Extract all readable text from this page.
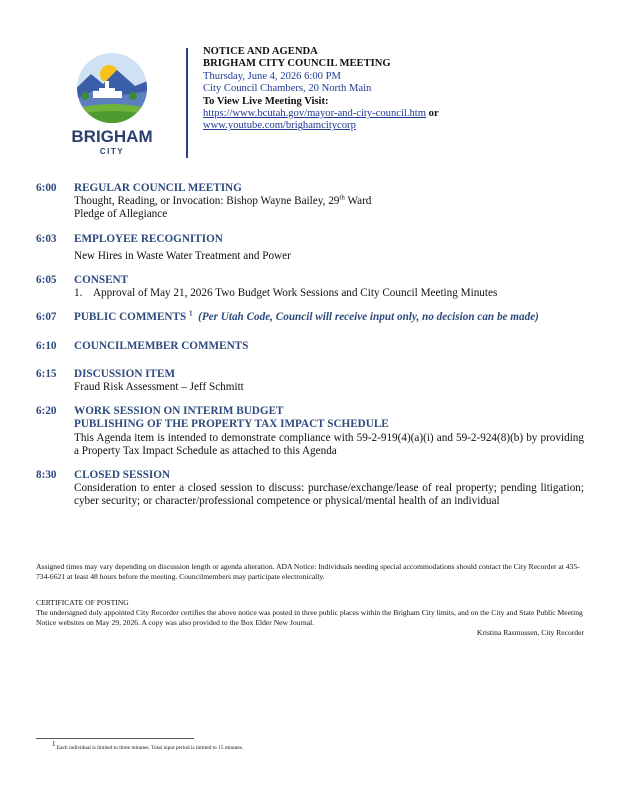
BRIGHAM
CITY
NOTICE AND AGENDA
BRIGHAM CITY COUNCIL MEETING
Thursday, June 4, 2026 6:00 PM
City Council Chambers, 20 North Main
To View Live Meeting Visit:
https://www.bcutah.gov/mayor-and-city-council.htm or
www.youtube.com/brighamcitycorp
6:00 REGULAR COUNCIL MEETING
Thought, Reading, or Invocation: Bishop Wayne Bailey, 29th Ward
Pledge of Allegiance
6:03 EMPLOYEE RECOGNITION
New Hires in Waste Water Treatment and Power
6:05 CONSENT
1.    Approval of May 21, 2026 Two Budget Work Sessions and City Council Meeting Minutes
6:07 PUBLIC COMMENTS $^1$ (Per Utah Code, Council will receive input only, no decision can be made)
6:10 COUNCILMEMBER COMMENTS
6:15 DISCUSSION ITEM
Fraud Risk Assessment – Jeff Schmitt
6:20 WORK SESSION ON INTERIM BUDGET
PUBLISHING OF THE PROPERTY TAX IMPACT SCHEDULE
This Agenda item is intended to demonstrate compliance with 59-2-919(4)(a)(i) and 59-2-924(8)(b) by providing a Property Tax Impact Schedule as attached to this Agenda
8:30 CLOSED SESSION
Consideration to enter a closed session to discuss: purchase/exchange/lease of real property; pending litigation; cyber security; or character/professional competence or physical/mental health of an individual
Assigned times may vary depending on discussion length or agenda alteration. ADA Notice: Individuals needing special accommodations should contact the City Recorder at 435-734-6621 at least 48 hours before the meeting. Councilmembers may participate electronically.
CERTIFICATE OF POSTING
The undersigned duly appointed City Recorder certifies the above notice was posted in three public places within the Brigham City limits, and on the City and State Public Meeting Notice websites on May 29, 2026. A copy was also provided to the Box Elder New Journal.
Kristina Rasmussen, City Recorder
$^1$ Each individual is limited to three minutes. Total input period is limited to 15 minutes.
